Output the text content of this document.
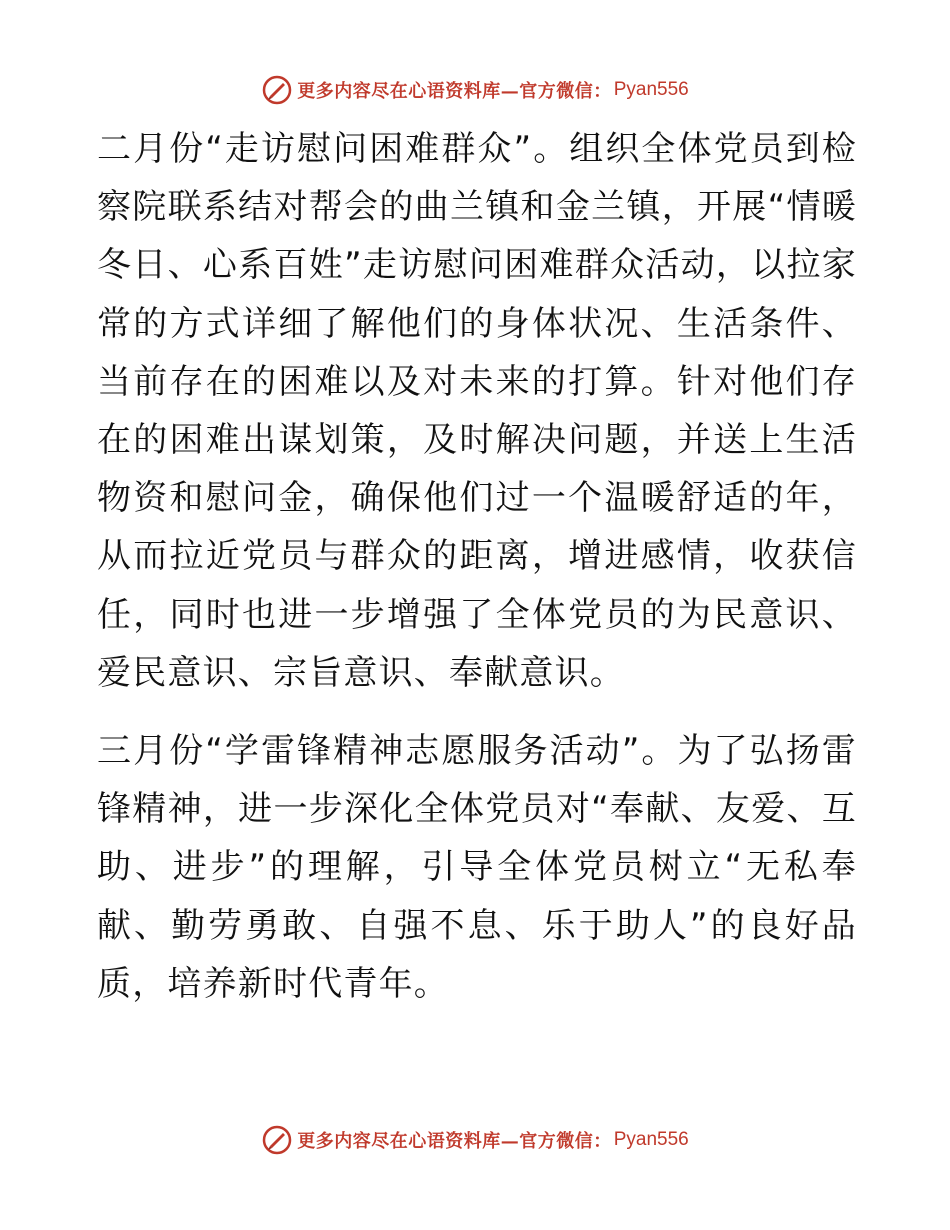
更多内容尽在心语资料库—官方微信： Pyan556

二月份“走访慰问困难群众”。组织全体党员到检察院联系结对帮会的曲兰镇和金兰镇，开展“情暖冬日、心系百姓”走访慰问困难群众活动，以拉家常的方式详细了解他们的身体状况、生活条件、当前存在的困难以及对未来的打算。针对他们存在的困难出谋划策，及时解决问题，并送上生活物资和慰问金，确保他们过一个温暖舒适的年，从而拉近党员与群众的距离，增进感情，收获信任，同时也进一步增强了全体党员的为民意识、爱民意识、宗旨意识、奉献意识。

三月份“学雷锋精神志愿服务活动”。为了弘扬雷锋精神，进一步深化全体党员对“奉献、友爱、互助、进步”的理解，引导全体党员树立“无私奉献、勤劳勇敢、自强不息、乐于助人”的良好品质，培养新时代青年。

更多内容尽在心语资料库—官方微信： Pyan556
